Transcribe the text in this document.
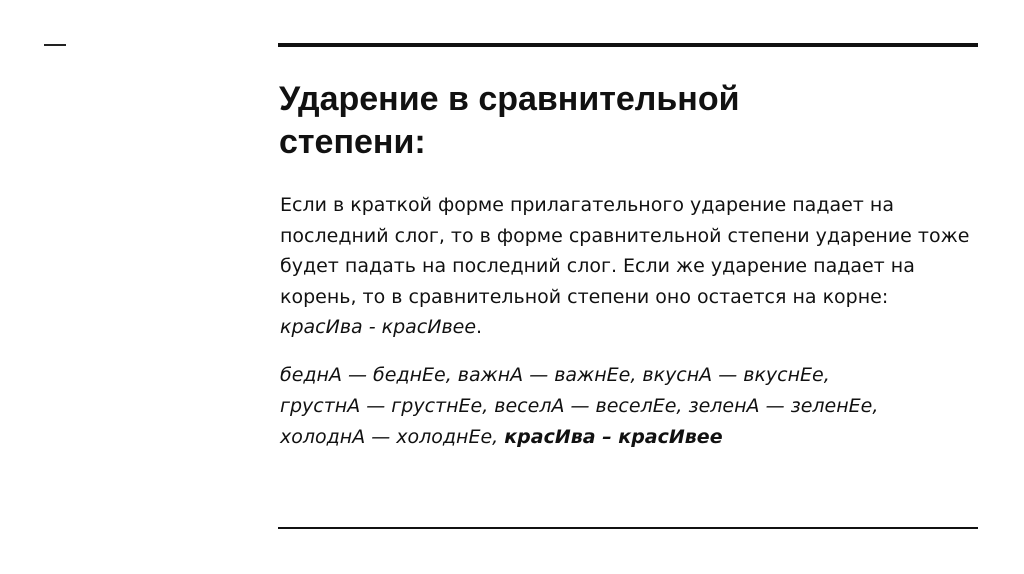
Ударение в сравнительной
степени:

Если в краткой форме прилагательного ударение падает на последний слог, то в форме сравнительной степени ударение тоже будет падать на последний слог. Если же ударение падает на корень, то в сравнительной степени оно остается на корне: красИва - красИвее.

беднА — беднЕе, важнА — важнЕе, вкуснА — вкуснЕе,
грустнА — грустнЕе, веселА — веселЕе, зеленА — зеленЕе,
холоднА — холоднЕе, красИва – красИвее
